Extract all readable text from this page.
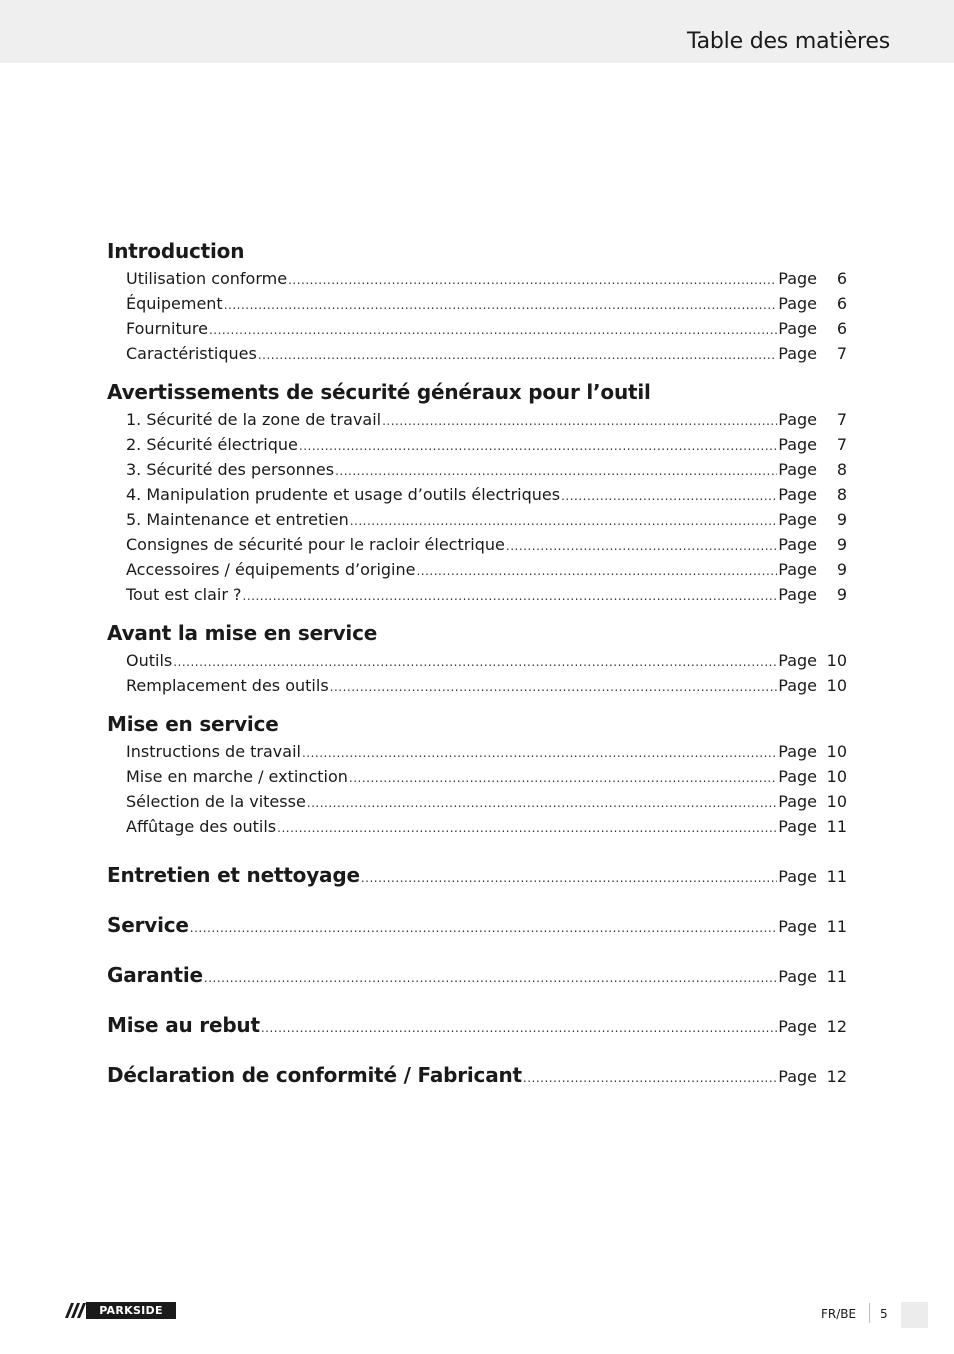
Table des matières
Introduction
Utilisation conforme .....	Page	6
Équipement .....	Page	6
Fourniture .....	Page	6
Caractéristiques .....	Page	7
Avertissements de sécurité généraux pour l’outil
1. Sécurité de la zone de travail .....	Page	7
2. Sécurité électrique .....	Page	7
3. Sécurité des personnes .....	Page	8
4. Manipulation prudente et usage d’outils électriques .....	Page	8
5. Maintenance et entretien .....	Page	9
Consignes de sécurité pour le racloir électrique .....	Page	9
Accessoires / équipements d’origine .....	Page	9
Tout est clair ? .....	Page	9
Avant la mise en service
Outils .....	Page 10
Remplacement des outils .....	Page 10
Mise en service
Instructions de travail .....	Page 10
Mise en marche / extinction .....	Page 10
Sélection de la vitesse .....	Page 10
Affûtage des outils .....	Page 11
Entretien et nettoyage .....	Page 11
Service .....	Page 11
Garantie .....	Page 11
Mise au rebut .....	Page 12
Déclaration de conformité / Fabricant .....	Page 12
PARKSIDE	FR/BE 5
